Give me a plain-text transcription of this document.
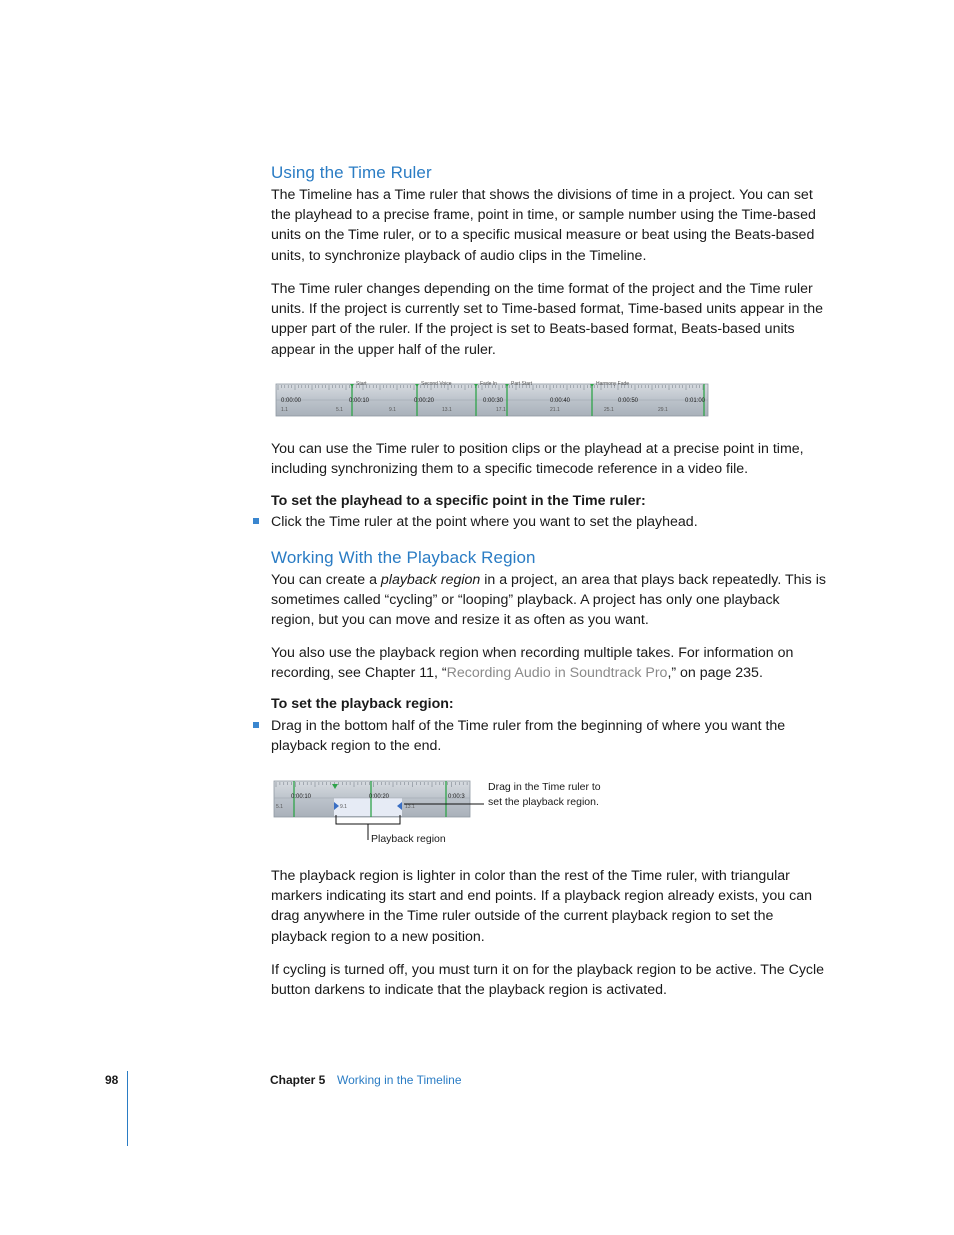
Using the Time Ruler

The Timeline has a Time ruler that shows the divisions of time in a project. You can set the playhead to a precise frame, point in time, or sample number using the Time-based units on the Time ruler, or to a specific musical measure or beat using the Beats-based units, to synchronize playback of audio clips in the Timeline.

The Time ruler changes depending on the time format of the project and the Time ruler units. If the project is currently set to Time-based format, Time-based units appear in the upper part of the ruler. If the project is set to Beats-based format, Beats-based units appear in the upper half of the ruler.

Start	Second Voice	Fade In	Part Start	Harmony Fade
0:00:00	0:00:10	0:00:20	0:00:30	0:00:40	0:00:50	0:01:00
1.1	5.1	9.1	13.1	17.1	21.1	25.1	29.1

You can use the Time ruler to position clips or the playhead at a precise point in time, including synchronizing them to a specific timecode reference in a video file.

To set the playhead to a specific point in the Time ruler:

Click the Time ruler at the point where you want to set the playhead.

Working With the Playback Region

You can create a playback region in a project, an area that plays back repeatedly. This is sometimes called “cycling” or “looping” playback. A project has only one playback region, but you can move and resize it as often as you want.

You also use the playback region when recording multiple takes. For information on recording, see Chapter 11, “Recording Audio in Soundtrack Pro,” on page 235.

To set the playback region:

Drag in the bottom half of the Time ruler from the beginning of where you want the playback region to the end.

0:00:10	0:00:20	0:00:3
5.1	9.1	13.1
Drag in the Time ruler to
set the playback region.
Playback region

The playback region is lighter in color than the rest of the Time ruler, with triangular markers indicating its start and end points. If a playback region already exists, you can drag anywhere in the Time ruler outside of the current playback region to set the playback region to a new position.

If cycling is turned off, you must turn it on for the playback region to be active. The Cycle button darkens to indicate that the playback region is activated.

98	Chapter 5 Working in the Timeline
